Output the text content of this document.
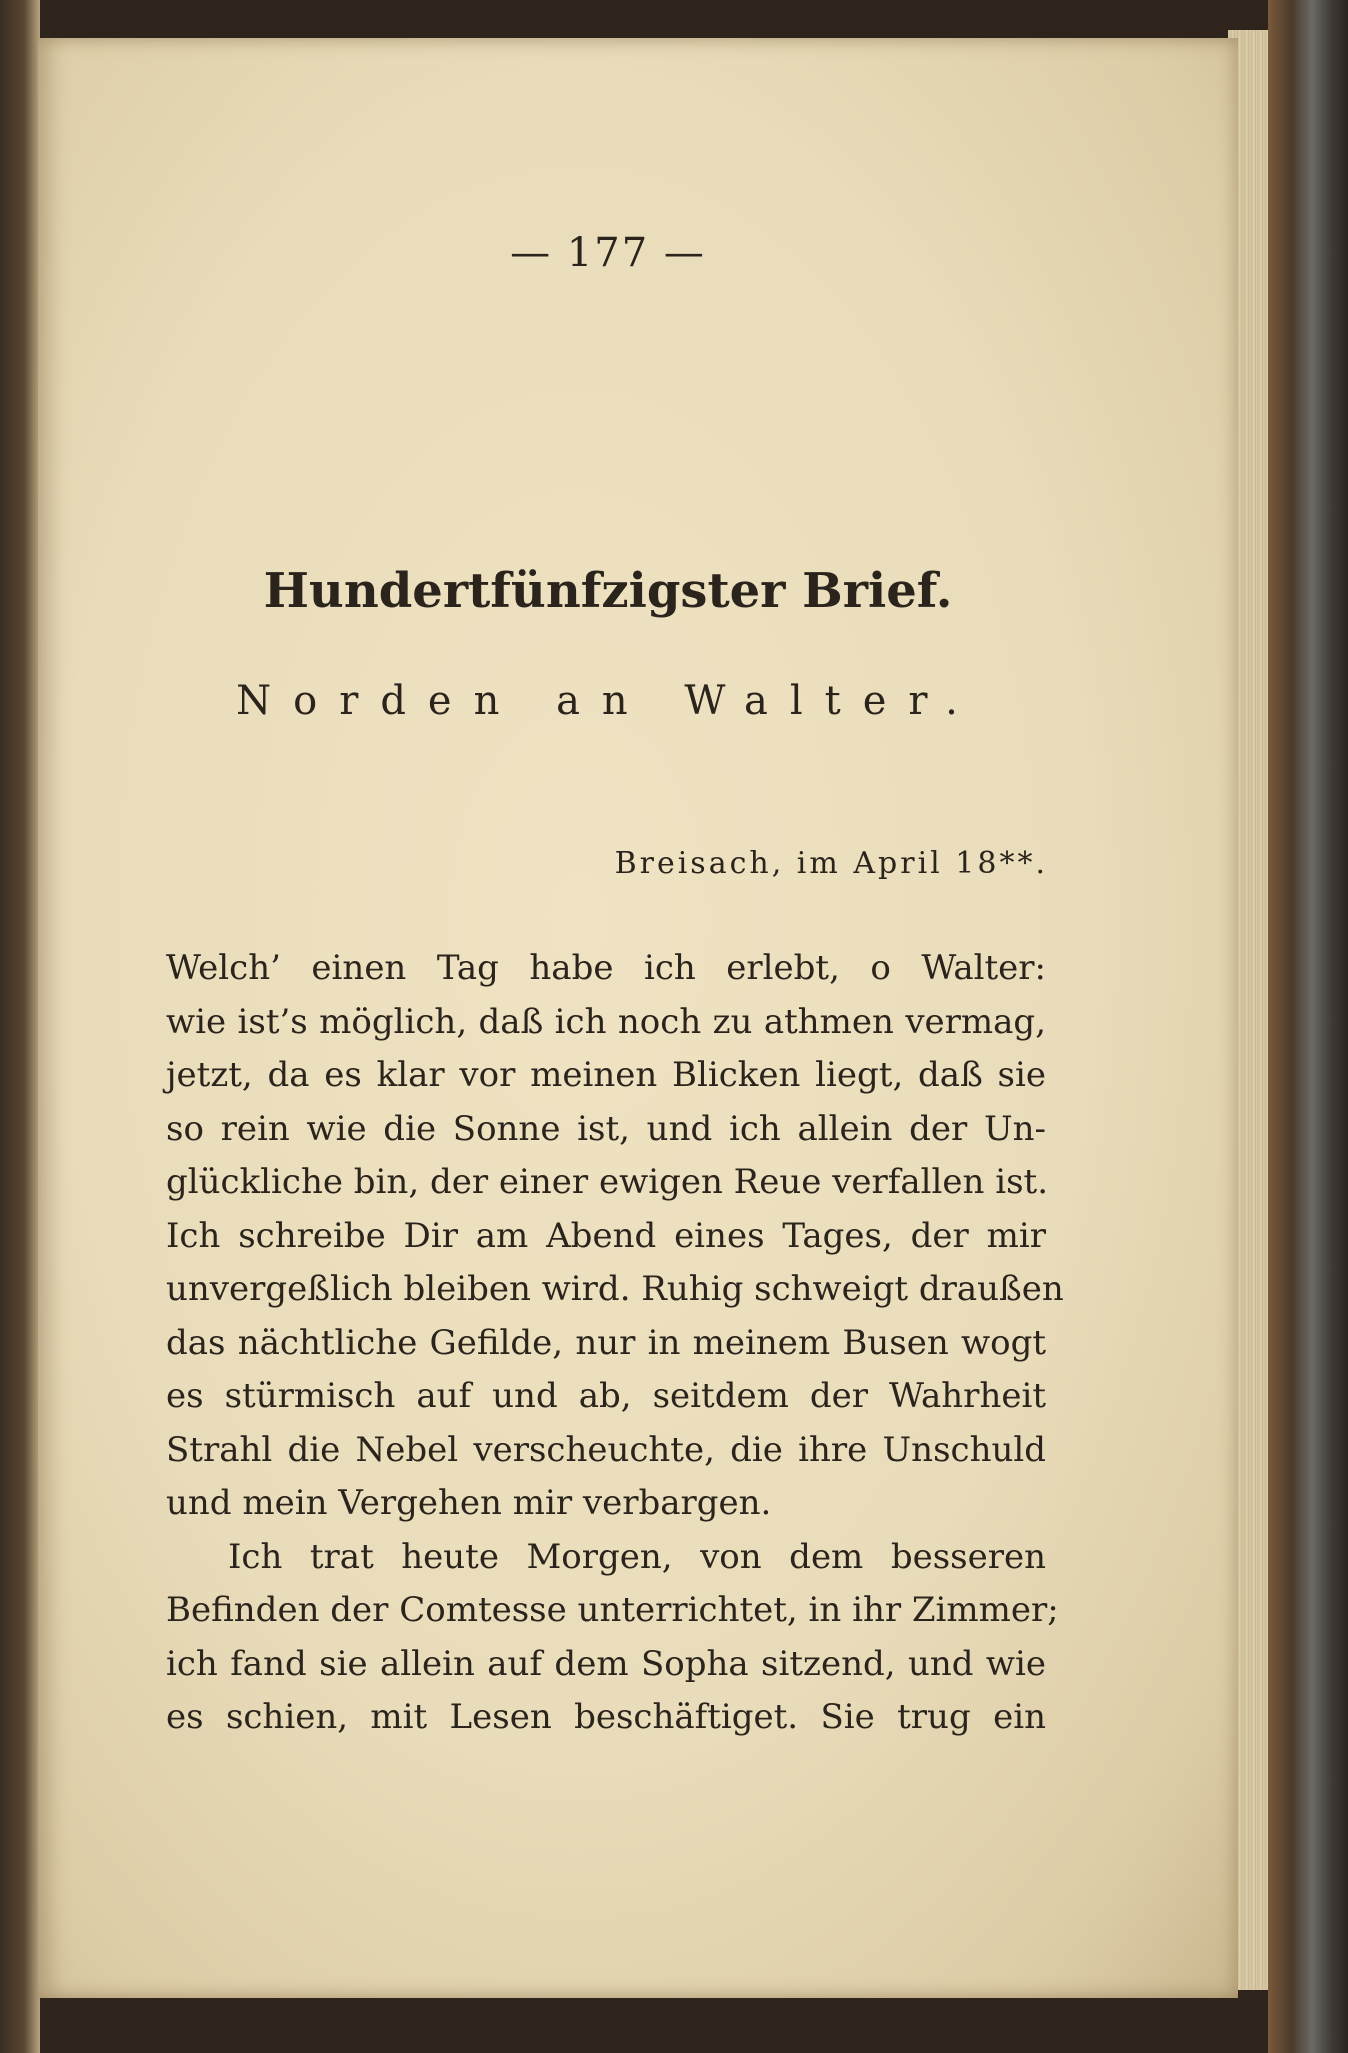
— 177 —
Hundertfünfzigster Brief.
Norden an Walter.
Breisach, im April 18**.
Welch’ einen Tag habe ich erlebt, o Walter:
wie ist’s möglich, daß ich noch zu athmen vermag,
jetzt, da es klar vor meinen Blicken liegt, daß sie
so rein wie die Sonne ist, und ich allein der Un-
glückliche bin, der einer ewigen Reue verfallen ist.
Ich schreibe Dir am Abend eines Tages, der mir
unvergeßlich bleiben wird. Ruhig schweigt draußen
das nächtliche Gefilde, nur in meinem Busen wogt
es stürmisch auf und ab, seitdem der Wahrheit
Strahl die Nebel verscheuchte, die ihre Unschuld
und mein Vergehen mir verbargen.
Ich trat heute Morgen, von dem besseren
Befinden der Comtesse unterrichtet, in ihr Zimmer;
ich fand sie allein auf dem Sopha sitzend, und wie
es schien, mit Lesen beschäftiget. Sie trug ein
